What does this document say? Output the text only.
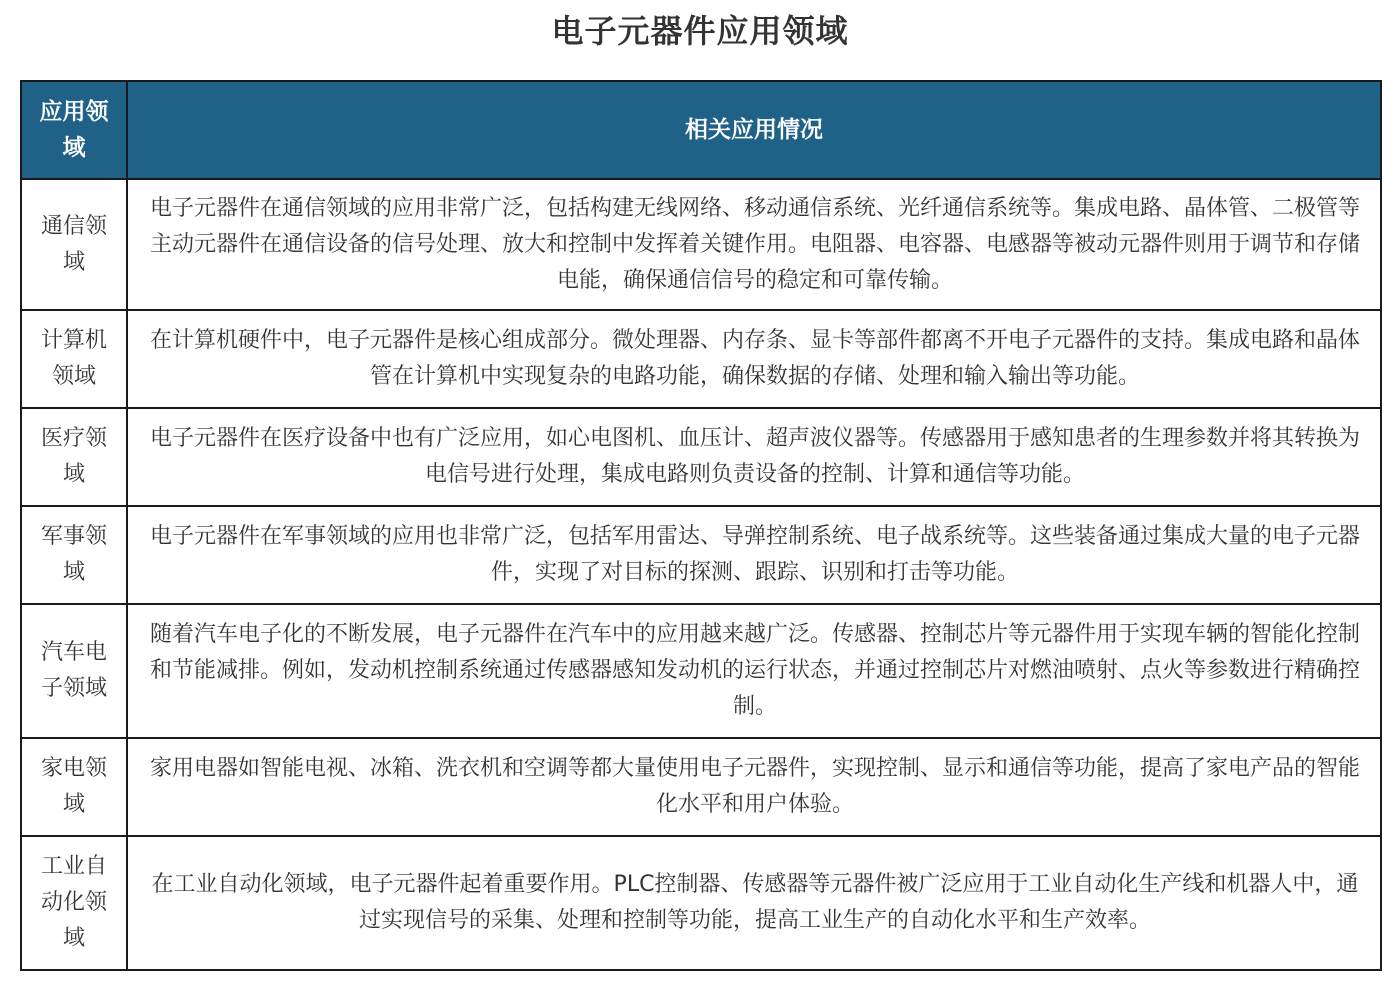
电子元器件应用领域
应用领域	相关应用情况
通信领域	电子元器件在通信领域的应用非常广泛，包括构建无线网络、移动通信系统、光纤通信系统等。集成电路、晶体管、二极管等主动元器件在通信设备的信号处理、放大和控制中发挥着关键作用。电阻器、电容器、电感器等被动元器件则用于调节和存储电能，确保通信信号的稳定和可靠传输。
计算机领域	在计算机硬件中，电子元器件是核心组成部分。微处理器、内存条、显卡等部件都离不开电子元器件的支持。集成电路和晶体管在计算机中实现复杂的电路功能，确保数据的存储、处理和输入输出等功能。
医疗领域	电子元器件在医疗设备中也有广泛应用，如心电图机、血压计、超声波仪器等。传感器用于感知患者的生理参数并将其转换为电信号进行处理，集成电路则负责设备的控制、计算和通信等功能。
军事领域	电子元器件在军事领域的应用也非常广泛，包括军用雷达、导弹控制系统、电子战系统等。这些装备通过集成大量的电子元器件，实现了对目标的探测、跟踪、识别和打击等功能。
汽车电子领域	随着汽车电子化的不断发展，电子元器件在汽车中的应用越来越广泛。传感器、控制芯片等元器件用于实现车辆的智能化控制和节能减排。例如，发动机控制系统通过传感器感知发动机的运行状态，并通过控制芯片对燃油喷射、点火等参数进行精确控制。
家电领域	家用电器如智能电视、冰箱、洗衣机和空调等都大量使用电子元器件，实现控制、显示和通信等功能，提高了家电产品的智能化水平和用户体验。
工业自动化领域	在工业自动化领域，电子元器件起着重要作用。PLC控制器、传感器等元器件被广泛应用于工业自动化生产线和机器人中，通过实现信号的采集、处理和控制等功能，提高工业生产的自动化水平和生产效率。
